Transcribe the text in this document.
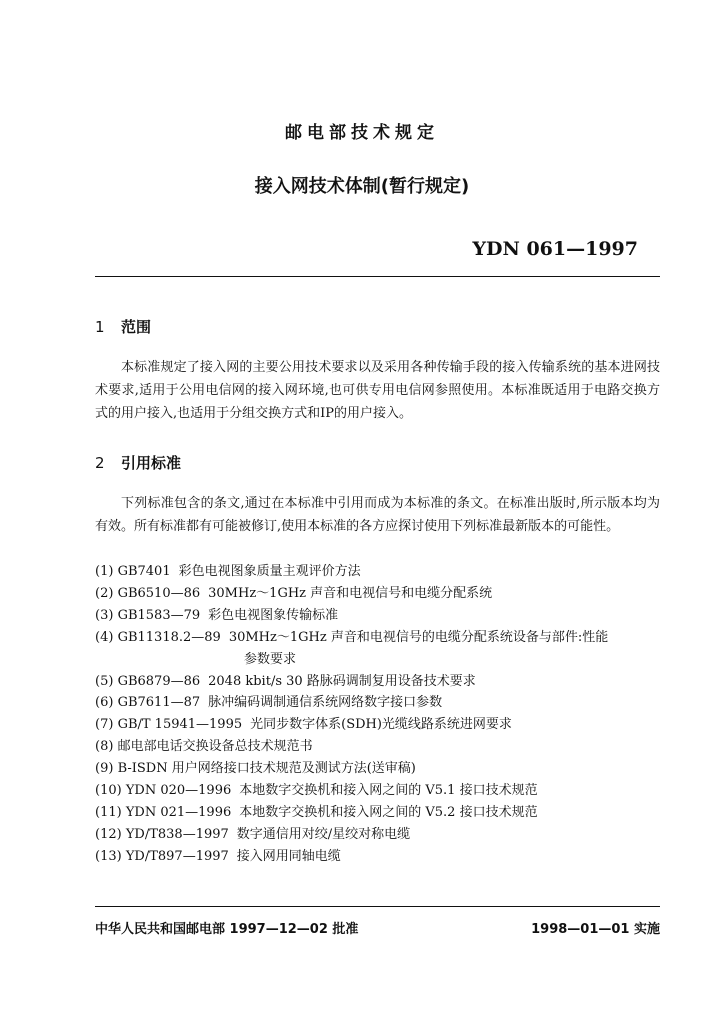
邮电部技术规定
接入网技术体制(暂行规定)
YDN 061—1997
1 范围

本标准规定了接入网的主要公用技术要求以及采用各种传输手段的接入传输系统的基本进网技术要求,适用于公用电信网的接入网环境,也可供专用电信网参照使用。本标准既适用于电路交换方式的用户接入,也适用于分组交换方式和IP的用户接入。

2 引用标准

下列标准包含的条文,通过在本标准中引用而成为本标准的条文。在标准出版时,所示版本均为有效。所有标准都有可能被修订,使用本标准的各方应探讨使用下列标准最新版本的可能性。

(1) GB7401 彩色电视图象质量主观评价方法
(2) GB6510—86 30MHz～1GHz 声音和电视信号和电缆分配系统
(3) GB1583—79 彩色电视图象传输标准
(4) GB11318.2—89 30MHz～1GHz 声音和电视信号的电缆分配系统设备与部件:性能
参数要求
(5) GB6879—86 2048 kbit/s 30 路脉码调制复用设备技术要求
(6) GB7611—87 脉冲编码调制通信系统网络数字接口参数
(7) GB/T 15941—1995 光同步数字体系(SDH)光缆线路系统进网要求
(8) 邮电部电话交换设备总技术规范书
(9) B-ISDN 用户网络接口技术规范及测试方法(送审稿)
(10) YDN 020—1996 本地数字交换机和接入网之间的 V5.1 接口技术规范
(11) YDN 021—1996 本地数字交换机和接入网之间的 V5.2 接口技术规范
(12) YD/T838—1997 数字通信用对绞/星绞对称电缆
(13) YD/T897—1997 接入网用同轴电缆
中华人民共和国邮电部 1997—12—02 批准	1998—01—01 实施
